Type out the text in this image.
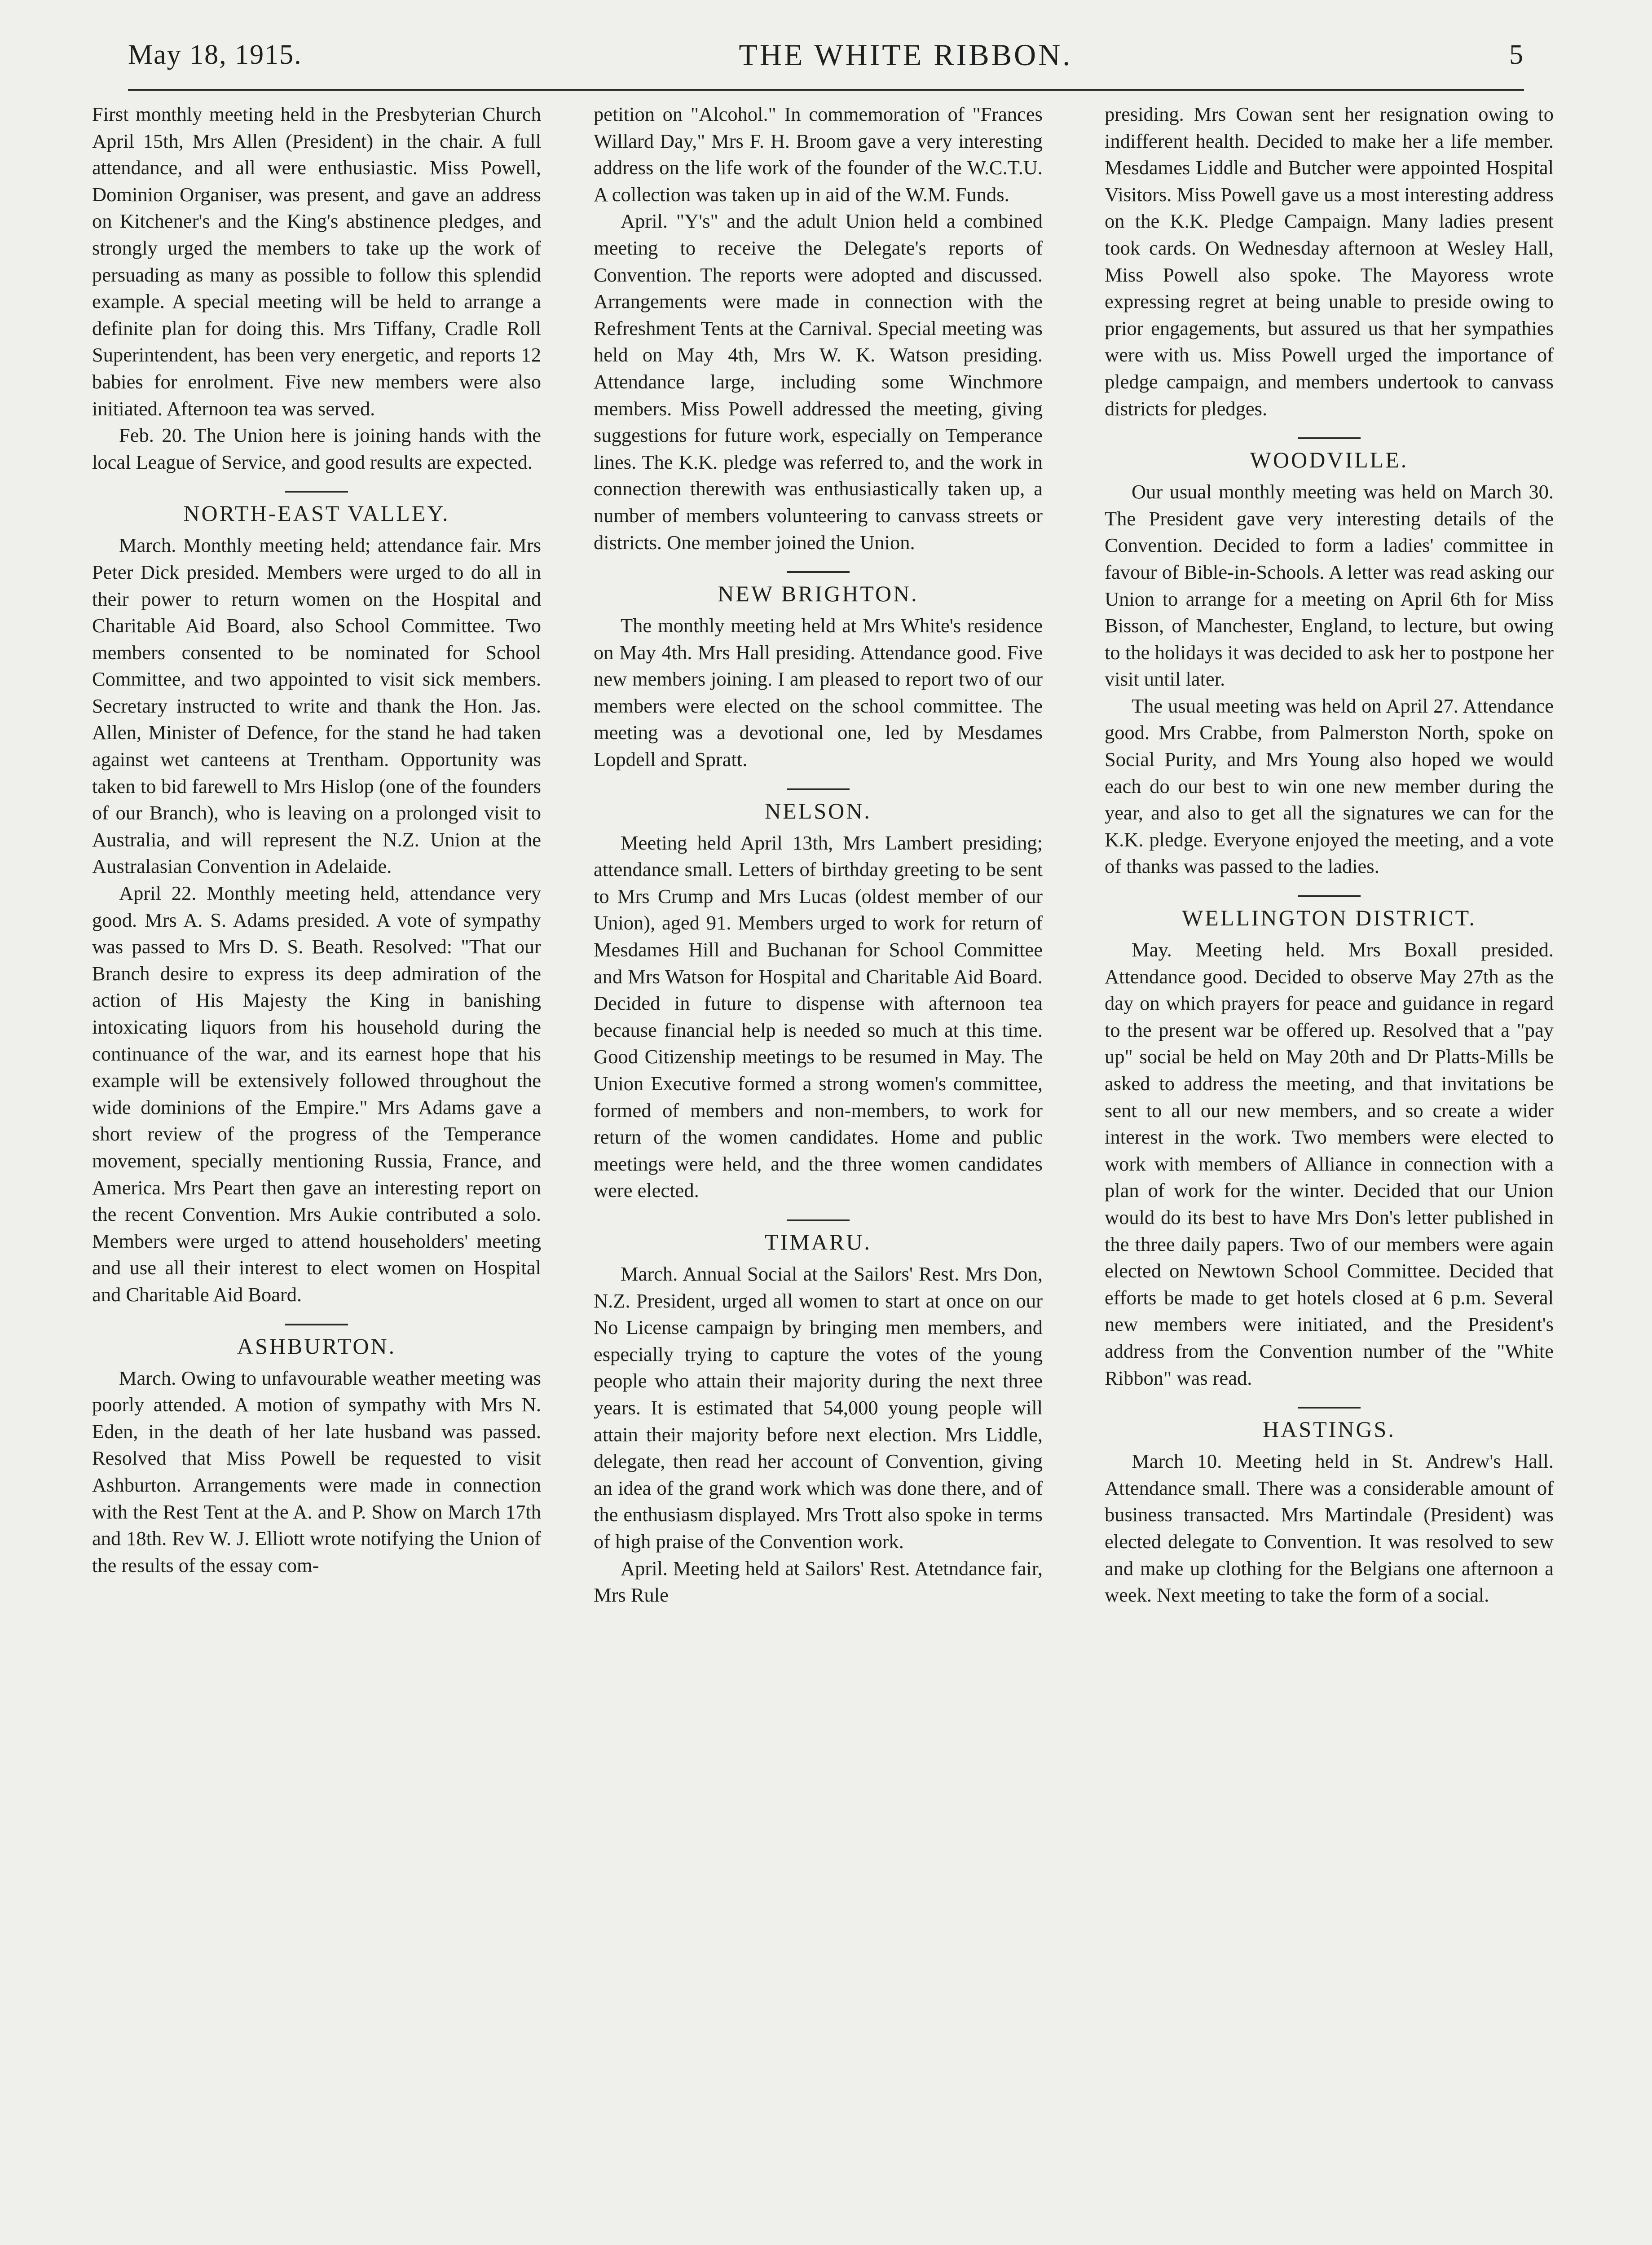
May 18, 1915.	THE WHITE RIBBON.	5

First monthly meeting held in the Presbyterian Church April 15th, Mrs Allen (President) in the chair. A full attendance, and all were enthusiastic. Miss Powell, Dominion Organiser, was present, and gave an address on Kitchener's and the King's abstinence pledges, and strongly urged the members to take up the work of persuading as many as possible to follow this splendid example. A special meeting will be held to arrange a definite plan for doing this. Mrs Tiffany, Cradle Roll Superintendent, has been very energetic, and reports 12 babies for enrolment. Five new members were also initiated. Afternoon tea was served.

Feb. 20. The Union here is joining hands with the local League of Service, and good results are expected.

NORTH-EAST VALLEY.

March. Monthly meeting held; attendance fair. Mrs Peter Dick presided. Members were urged to do all in their power to return women on the Hospital and Charitable Aid Board, also School Committee. Two members consented to be nominated for School Committee, and two appointed to visit sick members. Secretary instructed to write and thank the Hon. Jas. Allen, Minister of Defence, for the stand he had taken against wet canteens at Trentham. Opportunity was taken to bid farewell to Mrs Hislop (one of the founders of our Branch), who is leaving on a prolonged visit to Australia, and will represent the N.Z. Union at the Australasian Convention in Adelaide.

April 22. Monthly meeting held, attendance very good. Mrs A. S. Adams presided. A vote of sympathy was passed to Mrs D. S. Beath. Resolved: "That our Branch desire to express its deep admiration of the action of His Majesty the King in banishing intoxicating liquors from his household during the continuance of the war, and its earnest hope that his example will be extensively followed throughout the wide dominions of the Empire." Mrs Adams gave a short review of the progress of the Temperance movement, specially mentioning Russia, France, and America. Mrs Peart then gave an interesting report on the recent Convention. Mrs Aukie contributed a solo. Members were urged to attend householders' meeting and use all their interest to elect women on Hospital and Charitable Aid Board.

ASHBURTON.

March. Owing to unfavourable weather meeting was poorly attended. A motion of sympathy with Mrs N. Eden, in the death of her late husband was passed. Resolved that Miss Powell be requested to visit Ashburton. Arrangements were made in connection with the Rest Tent at the A. and P. Show on March 17th and 18th. Rev W. J. Elliott wrote notifying the Union of the results of the essay com-

petition on "Alcohol." In commemoration of "Frances Willard Day," Mrs F. H. Broom gave a very interesting address on the life work of the founder of the W.C.T.U. A collection was taken up in aid of the W.M. Funds.

April. "Y's" and the adult Union held a combined meeting to receive the Delegate's reports of Convention. The reports were adopted and discussed. Arrangements were made in connection with the Refreshment Tents at the Carnival. Special meeting was held on May 4th, Mrs W. K. Watson presiding. Attendance large, including some Winchmore members. Miss Powell addressed the meeting, giving suggestions for future work, especially on Temperance lines. The K.K. pledge was referred to, and the work in connection therewith was enthusiastically taken up, a number of members volunteering to canvass streets or districts. One member joined the Union.

NEW BRIGHTON.

The monthly meeting held at Mrs White's residence on May 4th. Mrs Hall presiding. Attendance good. Five new members joining. I am pleased to report two of our members were elected on the school committee. The meeting was a devotional one, led by Mesdames Lopdell and Spratt.

NELSON.

Meeting held April 13th, Mrs Lambert presiding; attendance small. Letters of birthday greeting to be sent to Mrs Crump and Mrs Lucas (oldest member of our Union), aged 91. Members urged to work for return of Mesdames Hill and Buchanan for School Committee and Mrs Watson for Hospital and Charitable Aid Board. Decided in future to dispense with afternoon tea because financial help is needed so much at this time. Good Citizenship meetings to be resumed in May. The Union Executive formed a strong women's committee, formed of members and non-members, to work for return of the women candidates. Home and public meetings were held, and the three women candidates were elected.

TIMARU.

March. Annual Social at the Sailors' Rest. Mrs Don, N.Z. President, urged all women to start at once on our No License campaign by bringing men members, and especially trying to capture the votes of the young people who attain their majority during the next three years. It is estimated that 54,000 young people will attain their majority before next election. Mrs Liddle, delegate, then read her account of Convention, giving an idea of the grand work which was done there, and of the enthusiasm displayed. Mrs Trott also spoke in terms of high praise of the Convention work.

April. Meeting held at Sailors' Rest. Atetndance fair, Mrs Rule

presiding. Mrs Cowan sent her resignation owing to indifferent health. Decided to make her a life member. Mesdames Liddle and Butcher were appointed Hospital Visitors. Miss Powell gave us a most interesting address on the K.K. Pledge Campaign. Many ladies present took cards. On Wednesday afternoon at Wesley Hall, Miss Powell also spoke. The Mayoress wrote expressing regret at being unable to preside owing to prior engagements, but assured us that her sympathies were with us. Miss Powell urged the importance of pledge campaign, and members undertook to canvass districts for pledges.

WOODVILLE.

Our usual monthly meeting was held on March 30. The President gave very interesting details of the Convention. Decided to form a ladies' committee in favour of Bible-in-Schools. A letter was read asking our Union to arrange for a meeting on April 6th for Miss Bisson, of Manchester, England, to lecture, but owing to the holidays it was decided to ask her to postpone her visit until later.

The usual meeting was held on April 27. Attendance good. Mrs Crabbe, from Palmerston North, spoke on Social Purity, and Mrs Young also hoped we would each do our best to win one new member during the year, and also to get all the signatures we can for the K.K. pledge. Everyone enjoyed the meeting, and a vote of thanks was passed to the ladies.

WELLINGTON DISTRICT.

May. Meeting held. Mrs Boxall presided. Attendance good. Decided to observe May 27th as the day on which prayers for peace and guidance in regard to the present war be offered up. Resolved that a "pay up" social be held on May 20th and Dr Platts-Mills be asked to address the meeting, and that invitations be sent to all our new members, and so create a wider interest in the work. Two members were elected to work with members of Alliance in connection with a plan of work for the winter. Decided that our Union would do its best to have Mrs Don's letter published in the three daily papers. Two of our members were again elected on Newtown School Committee. Decided that efforts be made to get hotels closed at 6 p.m. Several new members were initiated, and the President's address from the Convention number of the "White Ribbon" was read.

HASTINGS.

March 10. Meeting held in St. Andrew's Hall. Attendance small. There was a considerable amount of business transacted. Mrs Martindale (President) was elected delegate to Convention. It was resolved to sew and make up clothing for the Belgians one afternoon a week. Next meeting to take the form of a social.
